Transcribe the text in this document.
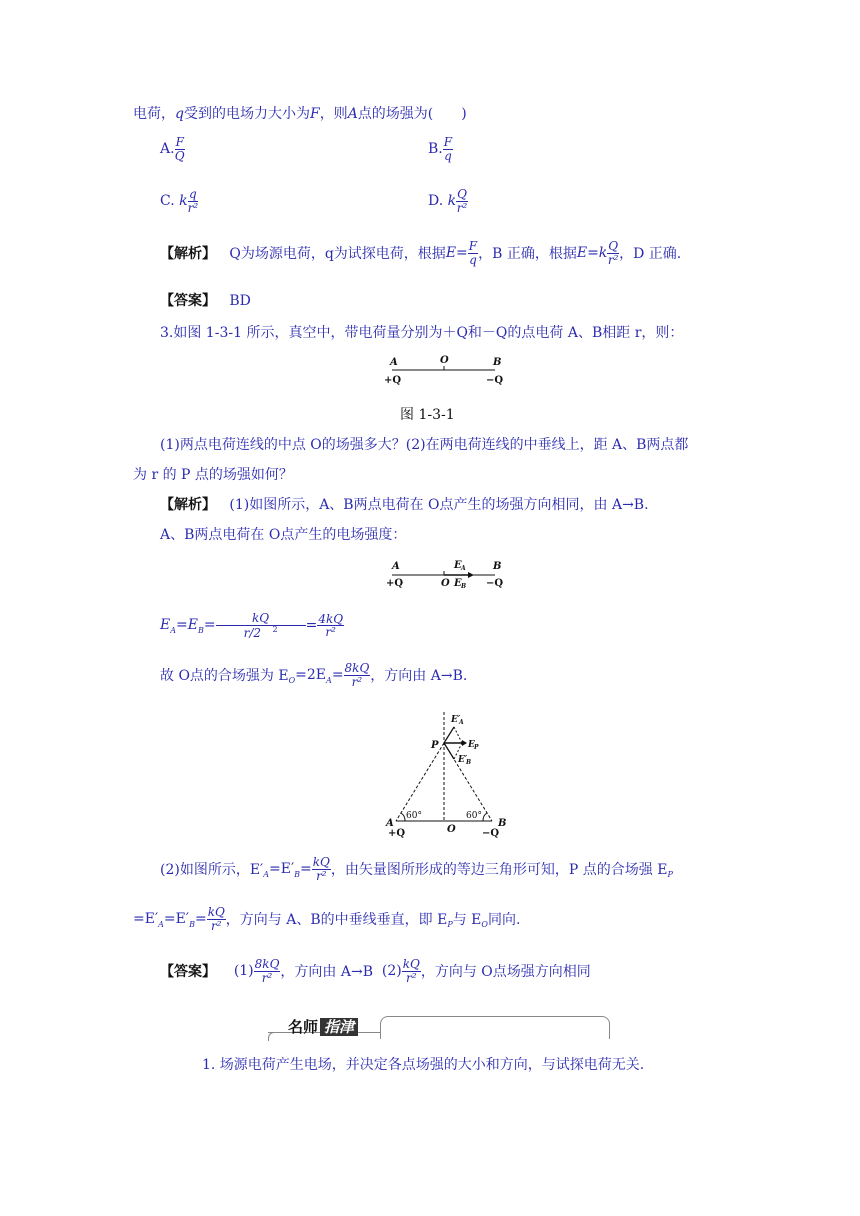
电荷，q受到的电场力大小为F，则A点的场强为(　　)
A. $\frac{F}{Q}$	B. $\frac{F}{q}$
C. k $\frac{q}{\text{r²}}$	D. k $\frac{Q}{\text{r²}}$
【解析】 Q为场源电荷，q为试探电荷，根据$E= \frac{F}{q}$ ，B 正确，根据$E=k \frac{Q}{\text{r²}}$ ，D 正确.
【答案】 BD
3.如图 1-3-1 所示，真空中，带电荷量分别为＋Q和－Q的点电荷 A、B相距 r，则：
A	O	B
+Q	−Q
图 1-3-1
(1)两点电荷连线的中点 O的场强多大？(2)在两电荷连线的中垂线上，距 A、B两点都
为 r 的 P 点的场强如何？
【解析】 (1)如图所示，A、B两点电荷在 O点产生的场强方向相同，由 A→B.
A、B两点电荷在 O点产生的电场强度：
A	B
E A
E B
O
+Q	−Q
$E_A=E_B= \frac{kQ}{r/2 ^2} = \frac{4kQ}{\text{r²}}$
故 O点的合场强为 $E_O=2E_A= \frac{8kQ}{\text{r²}}$ ，方向由 A→B.
P
E′
A
E P
E′
B
60°	60°
A
O
B
+Q	−Q
(2)如图所示，$E'_A=E'_B= \frac{kQ}{\text{r²}}$ ，由矢量图所形成的等边三角形可知，P 点的合场强 $E_P$
$=E'_A=E'_B= \frac{kQ}{\text{r²}}$ ，方向与 A、B的中垂线垂直，即 $E_P$与 $E_O$同向.
【答案】 $(1) \frac{8kQ}{\text{r²}}$ ，方向由 A→B $(2) \frac{kQ}{\text{r²}}$ ，方向与 O点场强方向相同
名师 指津
1. 场源电荷产生电场，并决定各点场强的大小和方向，与试探电荷无关.
